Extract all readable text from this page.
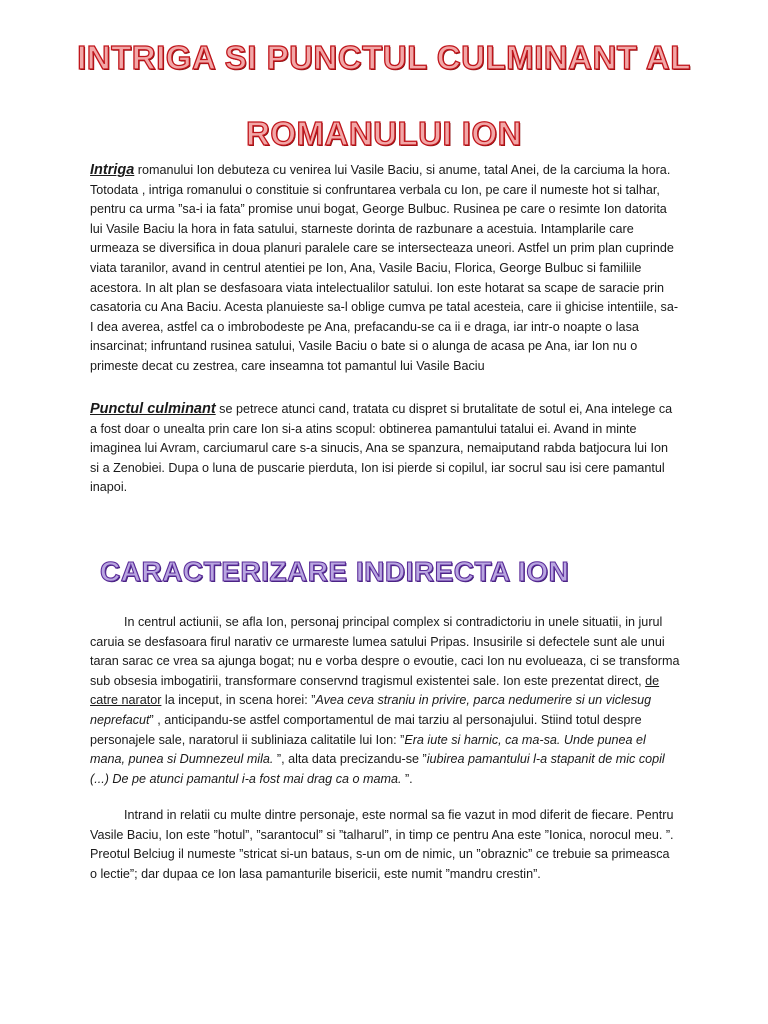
INTRIGA SI PUNCTUL CULMINANT AL
ROMANULUI ION

Intriga romanului Ion debuteza cu venirea lui Vasile Baciu, si anume, tatal Anei, de la carciuma la hora. Totodata , intriga romanului o constituie si confruntarea verbala cu Ion, pe care il numeste hot si talhar, pentru ca urma ”sa-i ia fata” promise unui bogat, George Bulbuc. Rusinea pe care o resimte Ion datorita lui Vasile Baciu la hora in fata satului, starneste dorinta de razbunare a acestuia. Intamplarile care urmeaza se diversifica in doua planuri paralele care se intersecteaza uneori. Astfel un prim plan cuprinde viata taranilor, avand in centrul atentiei pe Ion, Ana, Vasile Baciu, Florica, George Bulbuc si familiile acestora. In alt plan se desfasoara viata intelectualilor satului. Ion este hotarat sa scape de saracie prin casatoria cu Ana Baciu. Acesta planuieste sa-l oblige cumva pe tatal acesteia, care ii ghicise intentiile, sa-I dea averea, astfel ca o imbrobodeste pe Ana, prefacandu-se ca ii e draga, iar intr-o noapte o lasa insarcinat; infruntand rusinea satului, Vasile Baciu o bate si o alunga de acasa pe Ana, iar Ion nu o primeste decat cu zestrea, care inseamna tot pamantul lui Vasile Baciu

Punctul culminant se petrece atunci cand, tratata cu dispret si brutalitate de sotul ei, Ana intelege ca a fost doar o unealta prin care Ion si-a atins scopul: obtinerea pamantului tatalui ei. Avand in minte imaginea lui Avram, carciumarul care s-a sinucis, Ana se spanzura, nemaiputand rabda batjocura lui Ion si a Zenobiei. Dupa o luna de puscarie pierduta, Ion isi pierde si copilul, iar socrul sau isi cere pamantul inapoi.

CARACTERIZARE INDIRECTA ION

In centrul actiunii, se afla Ion, personaj principal complex si contradictoriu in unele situatii, in jurul caruia se desfasoara firul narativ ce urmareste lumea satului Pripas. Insusirile si defectele sunt ale unui taran sarac ce vrea sa ajunga bogat; nu e vorba despre o evoutie, caci Ion nu evolueaza, ci se transforma sub obsesia imbogatirii, transformare conservnd tragismul existentei sale. Ion este prezentat direct, de catre narator la inceput, in scena horei: ”Avea ceva straniu in privire, parca nedumerire si un viclesug neprefacut” , anticipandu-se astfel comportamentul de mai tarziu al personajului. Stiind totul despre personajele sale, naratorul ii subliniaza calitatile lui Ion: ”Era iute si harnic, ca ma-sa. Unde punea el mana, punea si Dumnezeul mila. ”, alta data precizandu-se ”iubirea pamantului l-a stapanit de mic copil (...) De pe atunci pamantul i-a fost mai drag ca o mama. ”.

Intrand in relatii cu multe dintre personaje, este normal sa fie vazut in mod diferit de fiecare. Pentru Vasile Baciu, Ion este ”hotul”, ”sarantocul” si ”talharul”, in timp ce pentru Ana este ”Ionica, norocul meu. ”. Preotul Belciug il numeste ”stricat si-un bataus, s-un om de nimic, un ”obraznic” ce trebuie sa primeasca o lectie”; dar dupaa ce Ion lasa pamanturile bisericii, este numit ”mandru crestin”.
